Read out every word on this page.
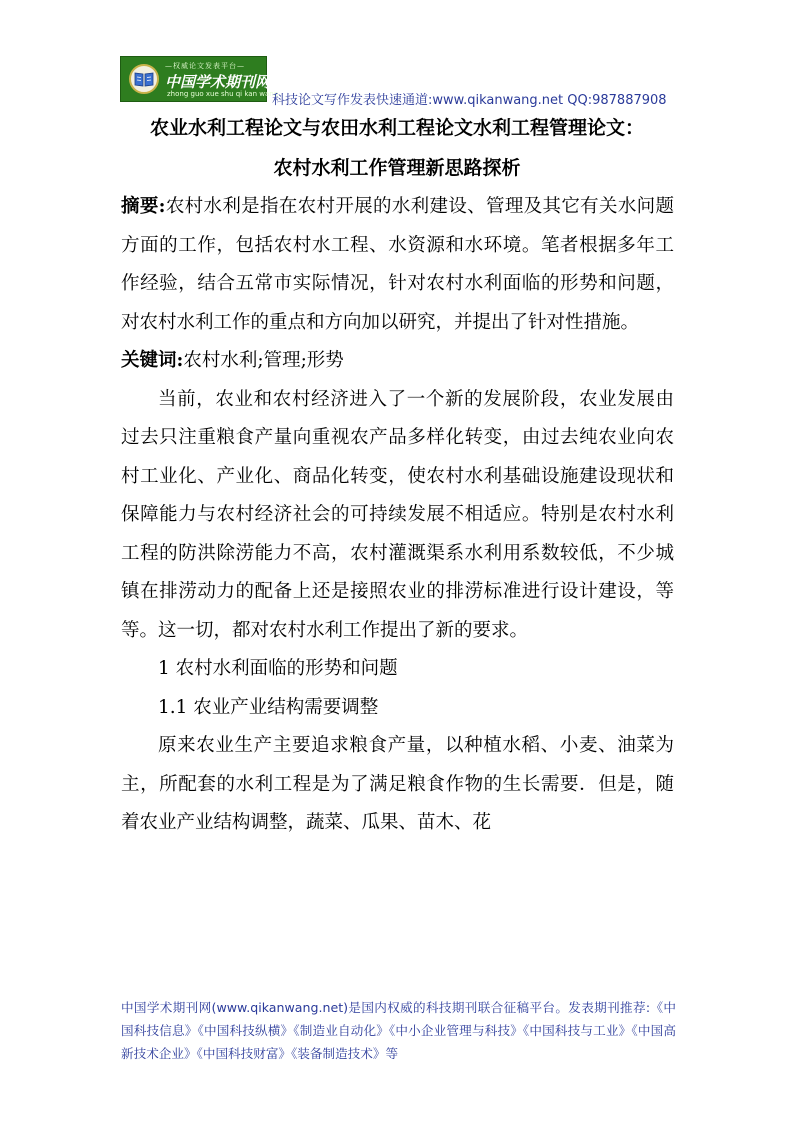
—权威论文发表平台—
中国学术期刊网
zhong guo xue shu qi kan wang
科技论文写作发表快速通道:www.qikanwang.net QQ:987887908
农业水利工程论文与农田水利工程论文水利工程管理论文：
农村水利工作管理新思路探析

摘要:农村水利是指在农村开展的水利建设、管理及其它有关水问题方面的工作，包括农村水工程、水资源和水环境。笔者根据多年工作经验，结合五常市实际情况，针对农村水利面临的形势和问题，对农村水利工作的重点和方向加以研究，并提出了针对性措施。

关键词:农村水利;管理;形势

当前，农业和农村经济进入了一个新的发展阶段，农业发展由过去只注重粮食产量向重视农产品多样化转变，由过去纯农业向农村工业化、产业化、商品化转变，使农村水利基础设施建设现状和保障能力与农村经济社会的可持续发展不相适应。特别是农村水利工程的防洪除涝能力不高，农村灌溉渠系水利用系数较低，不少城镇在排涝动力的配备上还是接照农业的排涝标准进行设计建设，等等。这一切，都对农村水利工作提出了新的要求。

1 农村水利面临的形势和问题

1.1 农业产业结构需要调整

原来农业生产主要追求粮食产量，以种植水稻、小麦、油菜为主，所配套的水利工程是为了满足粮食作物的生长需要．但是，随着农业产业结构调整，蔬菜、瓜果、苗木、花

中国学术期刊网(www.qikanwang.net)是国内权威的科技期刊联合征稿平台。发表期刊推荐:《中国科技信息》《中国科技纵横》《制造业自动化》《中小企业管理与科技》《中国科技与工业》《中国高新技术企业》《中国科技财富》《装备制造技术》等
